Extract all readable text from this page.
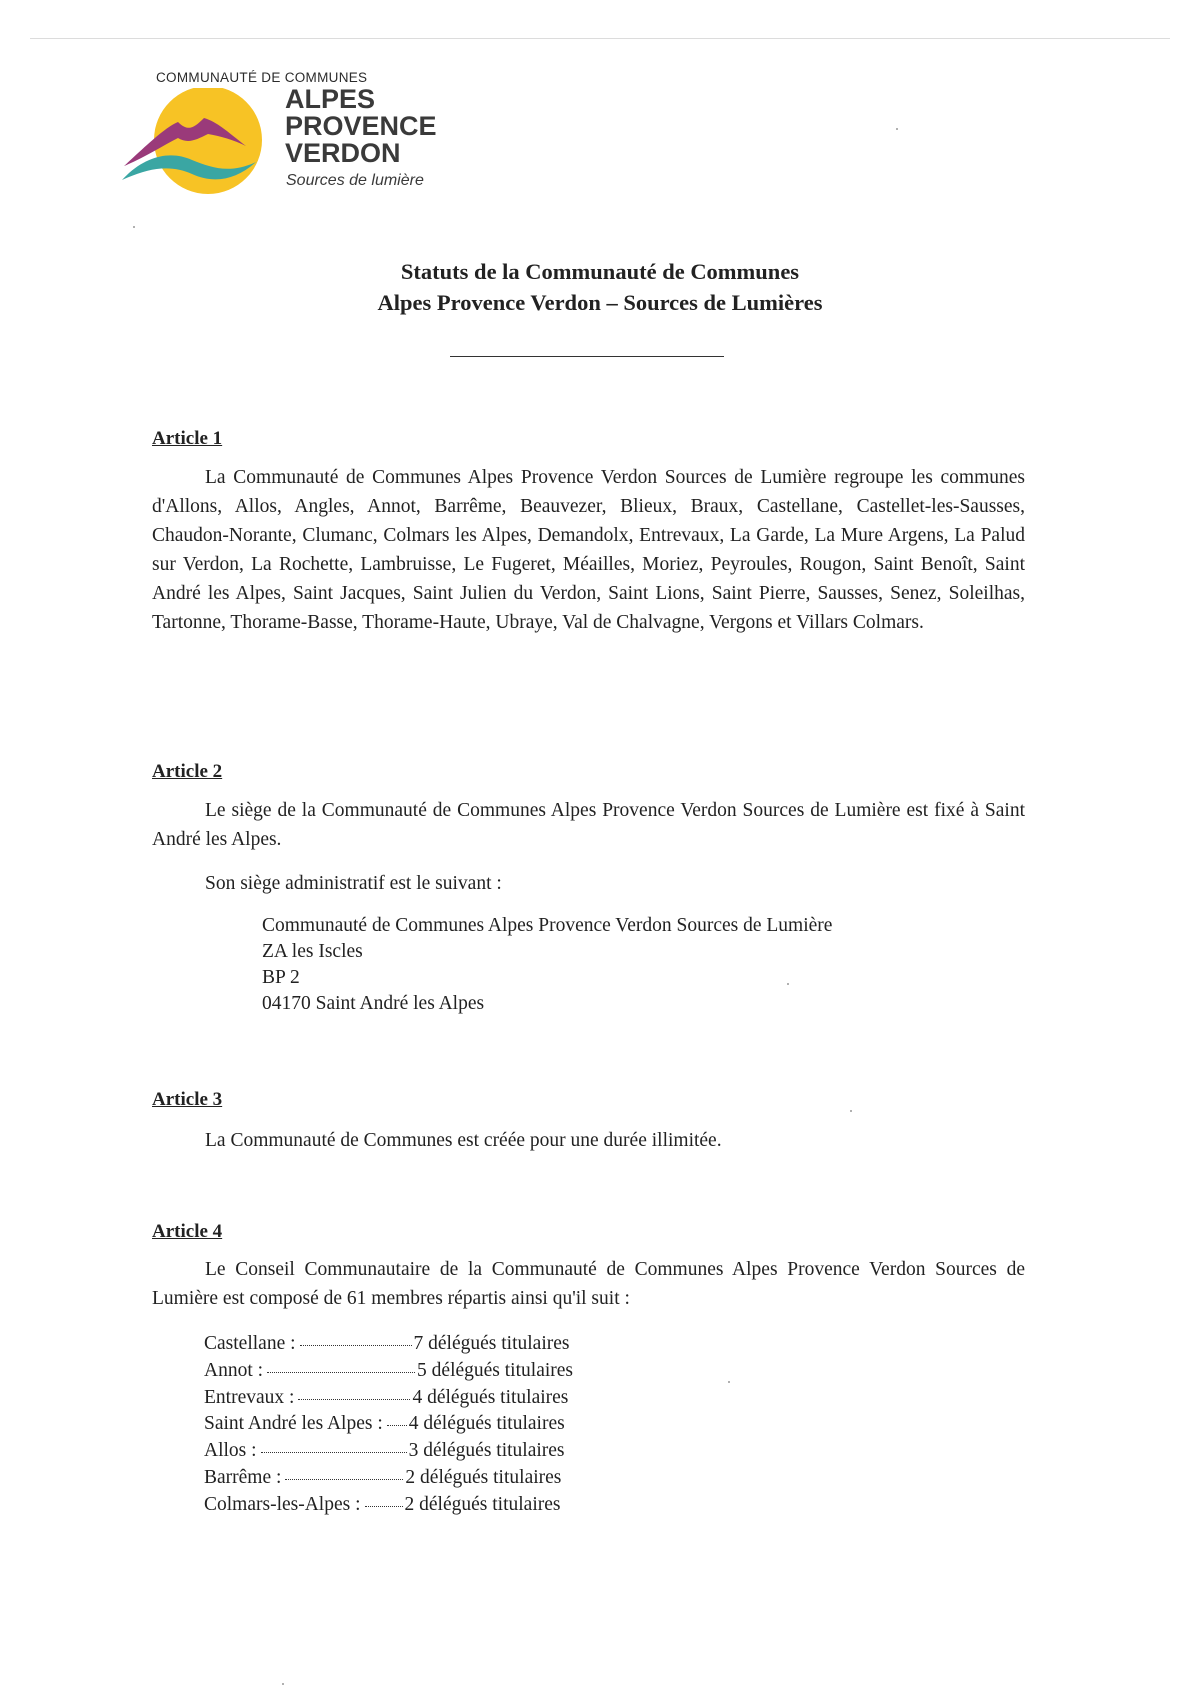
COMMUNAUTÉ DE COMMUNES
ALPES
PROVENCE
VERDON
Sources de lumière
Statuts de la Communauté de Communes
Alpes Provence Verdon – Sources de Lumières
Article 1
La Communauté de Communes Alpes Provence Verdon Sources de Lumière regroupe les communes d'Allons, Allos, Angles, Annot, Barrême, Beauvezer, Blieux, Braux, Castellane, Castellet-les-Sausses, Chaudon-Norante, Clumanc, Colmars les Alpes, Demandolx, Entrevaux, La Garde, La Mure Argens, La Palud sur Verdon, La Rochette, Lambruisse, Le Fugeret, Méailles, Moriez, Peyroules, Rougon, Saint Benoît, Saint André les Alpes, Saint Jacques, Saint Julien du Verdon, Saint Lions, Saint Pierre, Sausses, Senez, Soleilhas, Tartonne, Thorame-Basse, Thorame-Haute, Ubraye, Val de Chalvagne, Vergons et Villars Colmars.
Article 2
Le siège de la Communauté de Communes Alpes Provence Verdon Sources de Lumière est fixé à Saint André les Alpes.
Son siège administratif est le suivant :
Communauté de Communes Alpes Provence Verdon Sources de Lumière
ZA les Iscles
BP 2
04170 Saint André les Alpes
Article 3
La Communauté de Communes est créée pour une durée illimitée.
Article 4
Le Conseil Communautaire de la Communauté de Communes Alpes Provence Verdon Sources de Lumière est composé de 61 membres répartis ainsi qu'il suit :
Castellane :	7 délégués titulaires
Annot :	5 délégués titulaires
Entrevaux :	4 délégués titulaires
Saint André les Alpes : 4 délégués titulaires
Allos :	3 délégués titulaires
Barrême :	2 délégués titulaires
Colmars-les-Alpes : 2 délégués titulaires
